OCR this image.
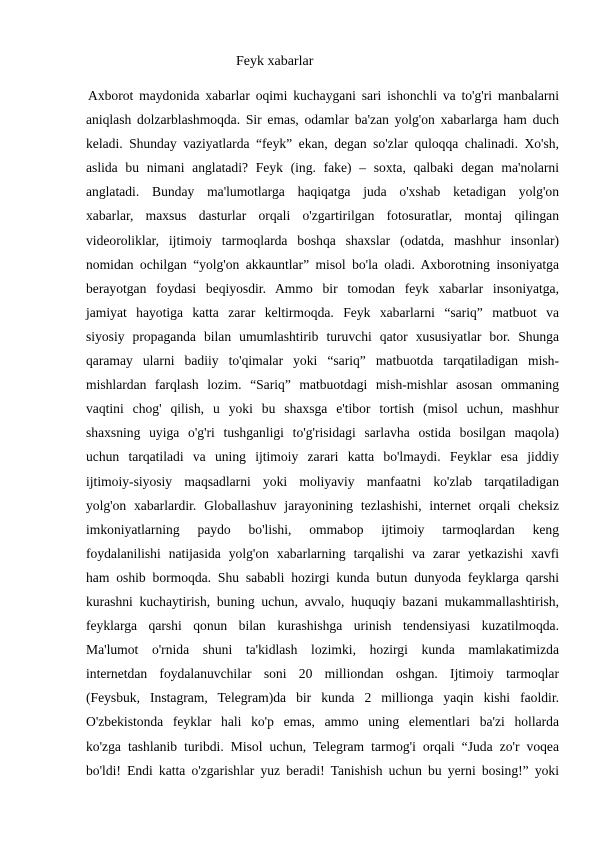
Feyk xabarlar
Axborot maydonida xabarlar oqimi kuchaygani sari ishonchli va to'g'ri manbalarni
aniqlash dolzarblashmoqda. Sir emas, odamlar ba'zan yolg'on xabarlarga ham duch
keladi. Shunday vaziyatlarda “feyk” ekan, degan so'zlar quloqqa chalinadi. Xo'sh,
aslida bu nimani anglatadi? Feyk (ing. fake) – soxta, qalbaki degan ma'nolarni
anglatadi. Bunday ma'lumotlarga haqiqatga juda o'xshab ketadigan yolg'on
xabarlar, maxsus dasturlar orqali o'zgartirilgan fotosuratlar, montaj qilingan
videoroliklar, ijtimoiy tarmoqlarda boshqa shaxslar (odatda, mashhur insonlar)
nomidan ochilgan “yolg'on akkauntlar” misol bo'la oladi. Axborotning insoniyatga
berayotgan foydasi beqiyosdir. Ammo bir tomodan feyk xabarlar insoniyatga,
jamiyat hayotiga katta zarar keltirmoqda. Feyk xabarlarni “sariq” matbuot va
siyosiy propaganda bilan umumlashtirib turuvchi qator xususiyatlar bor. Shunga
qaramay ularni badiiy to'qimalar yoki “sariq” matbuotda tarqatiladigan mish-
mishlardan farqlash lozim. “Sariq” matbuotdagi mish-mishlar asosan ommaning
vaqtini chog' qilish, u yoki bu shaxsga e'tibor tortish (misol uchun, mashhur
shaxsning uyiga o'g'ri tushganligi to'g'risidagi sarlavha ostida bosilgan maqola)
uchun tarqatiladi va uning ijtimoiy zarari katta bo'lmaydi. Feyklar esa jiddiy
ijtimoiy-siyosiy maqsadlarni yoki moliyaviy manfaatni ko'zlab tarqatiladigan
yolg'on xabarlardir. Globallashuv jarayonining tezlashishi, internet orqali cheksiz
imkoniyatlarning paydo bo'lishi, ommabop ijtimoiy tarmoqlardan keng
foydalanilishi natijasida yolg'on xabarlarning tarqalishi va zarar yetkazishi xavfi
ham oshib bormoqda. Shu sababli hozirgi kunda butun dunyoda feyklarga qarshi
kurashni kuchaytirish, buning uchun, avvalo, huquqiy bazani mukammallashtirish,
feyklarga qarshi qonun bilan kurashishga urinish tendensiyasi kuzatilmoqda.
Ma'lumot o'rnida shuni ta'kidlash lozimki, hozirgi kunda mamlakatimizda
internetdan foydalanuvchilar soni 20 milliondan oshgan. Ijtimoiy tarmoqlar
(Feysbuk, Instagram, Telegram)da bir kunda 2 millionga yaqin kishi faoldir.
O'zbekistonda feyklar hali ko'p emas, ammo uning elementlari ba'zi hollarda
ko'zga tashlanib turibdi. Misol uchun, Telegram tarmog'i orqali “Juda zo'r voqea
bo'ldi! Endi katta o'zgarishlar yuz beradi! Tanishish uchun bu yerni bosing!” yoki
